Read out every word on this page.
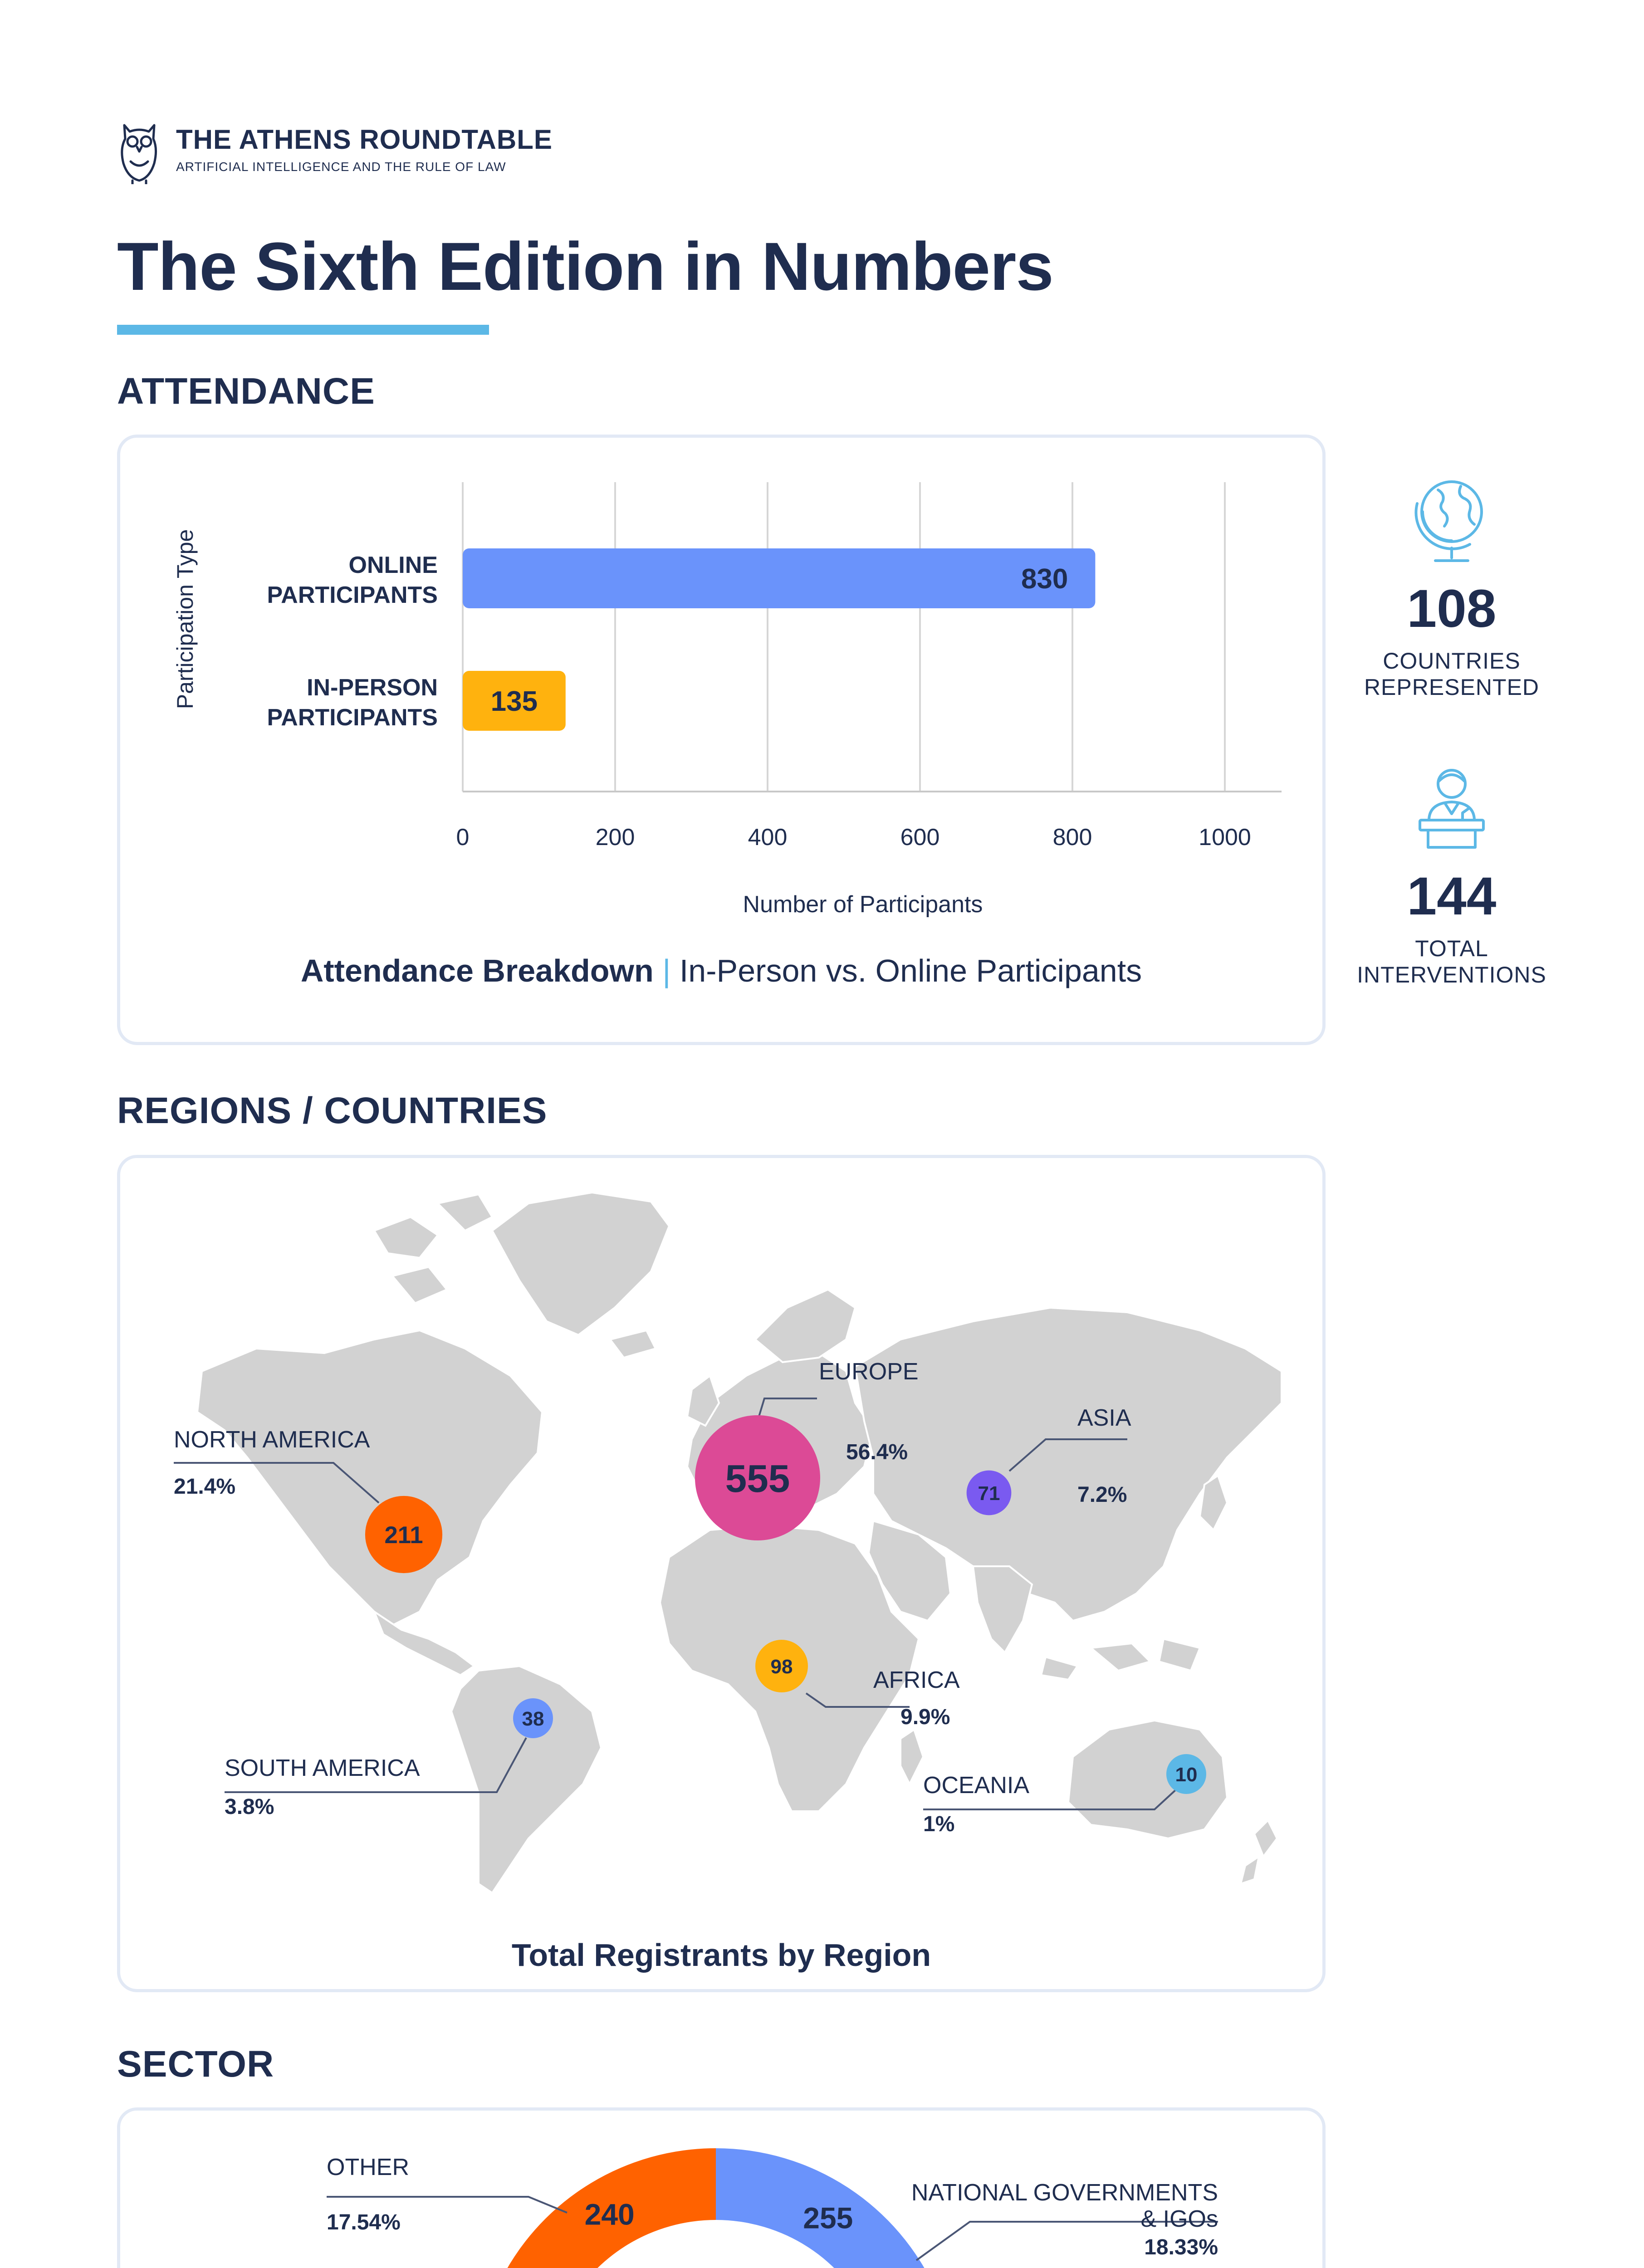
THE ATHENS ROUNDTABLE
ARTIFICIAL INTELLIGENCE AND THE RULE OF LAW
The Sixth Edition in Numbers
ATTENDANCE
0	200	400	600	800	1000
830
135
ONLINE
PARTICIPANTS
IN-PERSON
PARTICIPANTS
Number of Participants
Participation Type
Attendance Breakdown | In-Person vs. Online Participants
108
COUNTRIES
REPRESENTED
144
TOTAL
INTERVENTIONS
REGIONS / COUNTRIES
555
211
71
98
38
10
EUROPE
56.4%
NORTH AMERICA
21.4%
ASIA
7.2%
AFRICA
9.9%
SOUTH AMERICA
3.8%
OCEANIA
1%
Total Registrants by Region
SECTOR
255
240
NATIONAL GOVERNMENTS
& IGOs
18.33%
OTHER
17.54%
